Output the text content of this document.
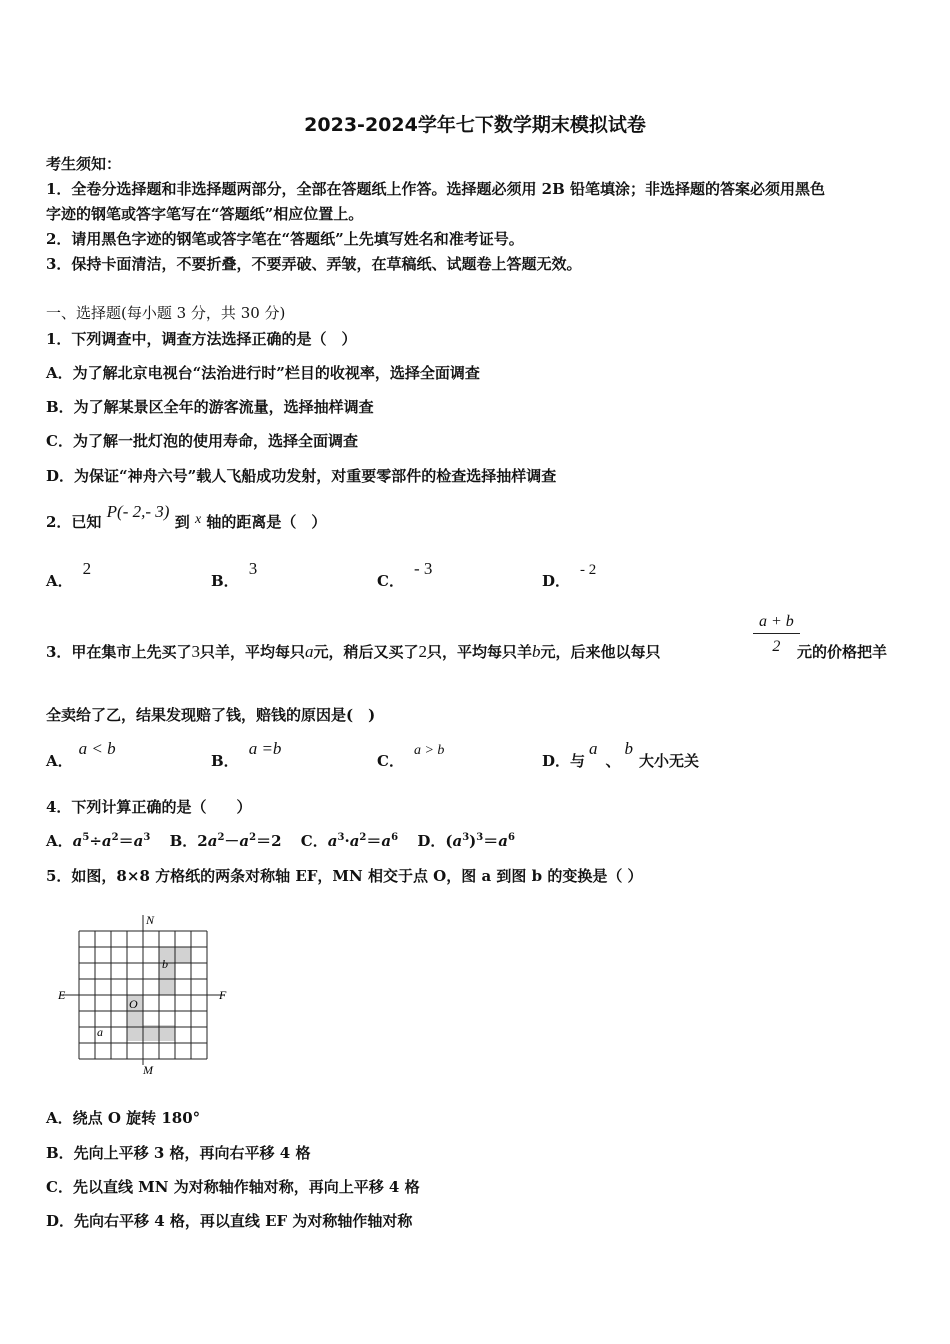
2023-2024学年七下数学期末模拟试卷
考生须知：
1．全卷分选择题和非选择题两部分，全部在答题纸上作答。选择题必须用 2B 铅笔填涂；非选择题的答案必须用黑色
字迹的钢笔或答字笔写在“答题纸”相应位置上。
2．请用黑色字迹的钢笔或答字笔在“答题纸”上先填写姓名和准考证号。
3．保持卡面清洁，不要折叠，不要弄破、弄皱，在草稿纸、试题卷上答题无效。
一、选择题(每小题 3 分，共 30 分)
1．下列调查中，调查方法选择正确的是（　）
A．为了解北京电视台“法治进行时”栏目的收视率，选择全面调查
B．为了解某景区全年的游客流量，选择抽样调查
C．为了解一批灯泡的使用寿命，选择全面调查
D．为保证“神舟六号”载人飞船成功发射，对重要零部件的检查选择抽样调查
2．已知 P(- 2,- 3) 到 x 轴的距离是（　）
A．2
B．3
C．- 3
D．- 2
3．甲在集市上先买了3只羊，平均每只a元，稍后又买了2只，平均每只羊b元，后来他以每只	$\frac{a + b}{2}$
元的价格把羊
全卖给了乙，结果发现赔了钱，赔钱的原因是(　)
A．a < b
B．a =b
C．a > b
D．与a、b大小无关
4．下列计算正确的是（　　）
A．$a^5\div a^2=a^3$ B．$2a^2-a^2=2$ C．$a^3\cdot a^2=a^6$ D．$(a^3)^3=a^6$
5．如图，8×8 方格纸的两条对称轴 EF，MN 相交于点 O，图 a 到图 b 的变换是（ ）
N
M
E	F
O
a
b
A．绕点 O 旋转 180°
B．先向上平移 3 格，再向右平移 4 格
C．先以直线 MN 为对称轴作轴对称，再向上平移 4 格
D．先向右平移 4 格，再以直线 EF 为对称轴作轴对称
